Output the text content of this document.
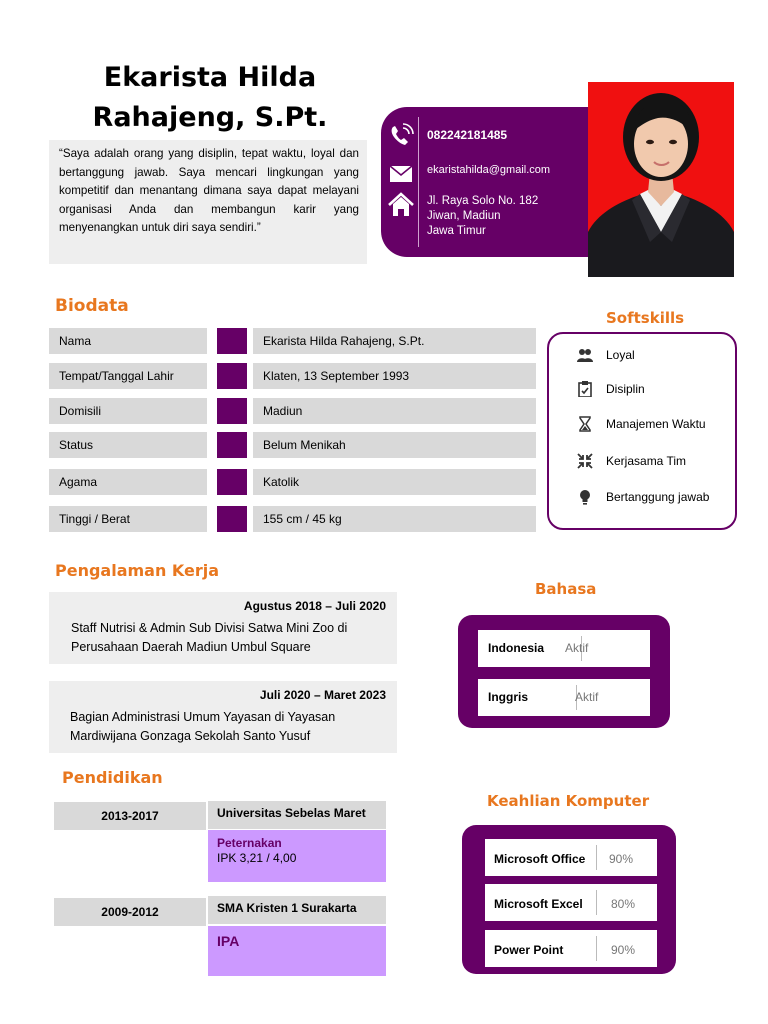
Ekarista Hilda
Rahajeng, S.Pt.
“Saya adalah orang yang disiplin, tepat waktu, loyal dan bertanggung jawab. Saya mencari lingkungan yang kompetitif dan menantang dimana saya dapat melayani organisasi Anda dan membangun karir yang menyenangkan untuk diri saya sendiri.”
082242181485
ekaristahilda@gmail.com
Jl. Raya Solo No. 182
Jiwan, Madiun
Jawa Timur
Biodata
Nama	Ekarista Hilda Rahajeng, S.Pt.
Tempat/Tanggal Lahir	Klaten, 13 September 1993
Domisili	Madiun
Status	Belum Menikah
Agama	Katolik
Tinggi / Berat	155 cm / 45 kg
Softskills
Loyal
Disiplin
Manajemen Waktu
Kerjasama Tim
Bertanggung jawab
Pengalaman Kerja
Agustus 2018 – Juli 2020
Staff Nutrisi & Admin Sub Divisi Satwa Mini Zoo di
Perusahaan Daerah Madiun Umbul Square
Juli 2020 – Maret 2023
Bagian Administrasi Umum Yayasan di Yayasan
Mardiwijana Gonzaga Sekolah Santo Yusuf
Pendidikan
2013-2017	Universitas Sebelas Maret
Peternakan
IPK 3,21 / 4,00
2009-2012	SMA Kristen 1 Surakarta
IPA
Bahasa
Indonesia Aktif
Inggris	Aktif
Keahlian Komputer
Microsoft Office 90%
Microsoft Excel 80%
Power Point	90%
